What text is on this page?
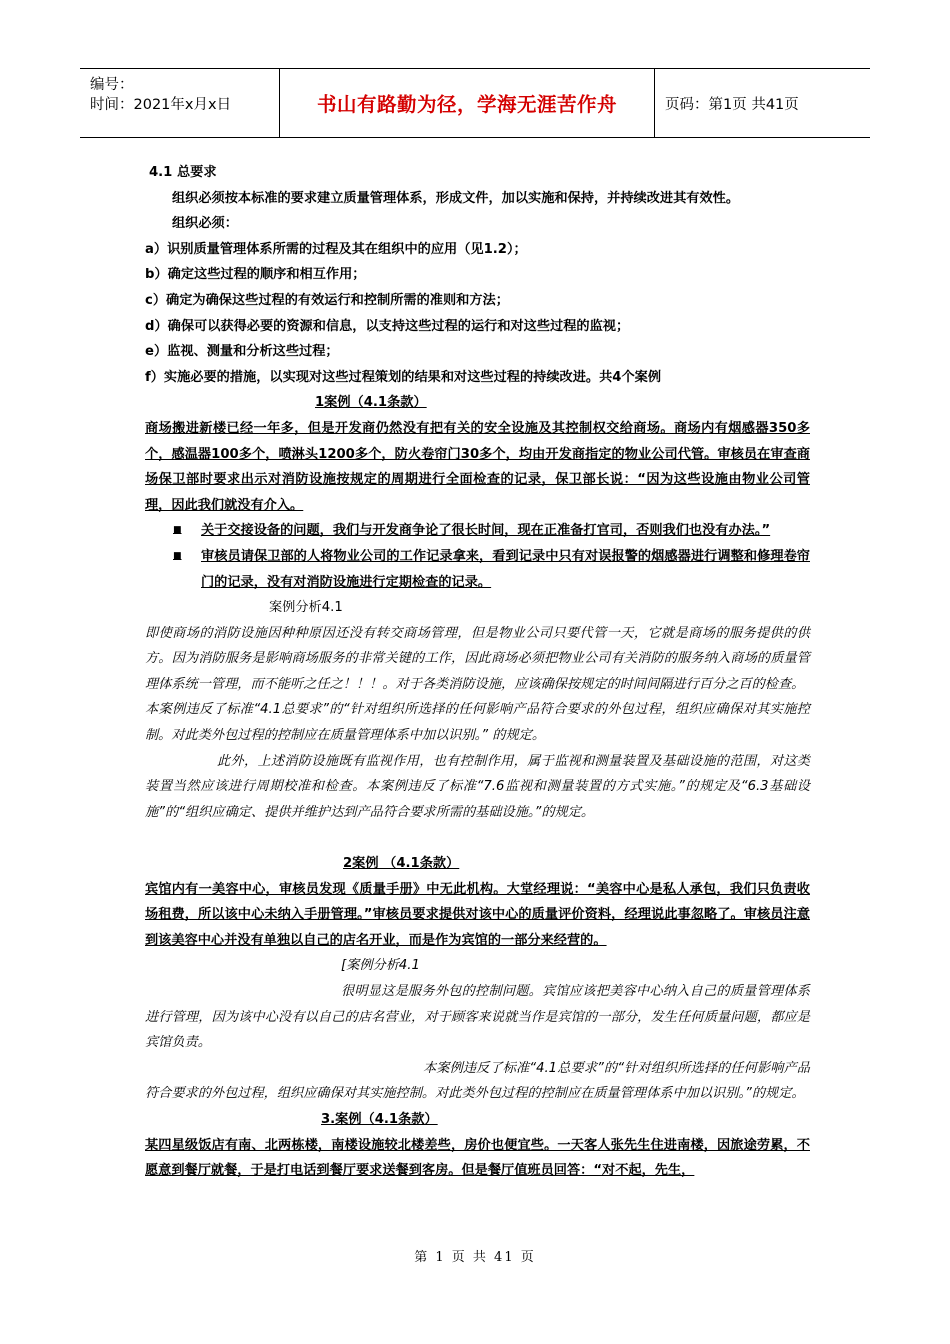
编号：
时间：2021年x月x日	书山有路勤为径，学海无涯苦作舟	页码：第1页 共41页
4.1 总要求
组织必须按本标准的要求建立质量管理体系，形成文件，加以实施和保持，并持续改进其有效性。
组织必须：
a）识别质量管理体系所需的过程及其在组织中的应用（见1.2）；
b）确定这些过程的顺序和相互作用；
c）确定为确保这些过程的有效运行和控制所需的准则和方法；
d）确保可以获得必要的资源和信息，以支持这些过程的运行和对这些过程的监视；
e）监视、测量和分析这些过程；
f）实施必要的措施，以实现对这些过程策划的结果和对这些过程的持续改进。共4个案例
1案例（4.1条款）
商场搬进新楼已经一年多，但是开发商仍然没有把有关的安全设施及其控制权交给商场。商场内有烟感器350多个，感温器100多个，喷淋头1200多个，防火卷帘门30多个，均由开发商指定的物业公司代管。审核员在审查商场保卫部时要求出示对消防设施按规定的周期进行全面检查的记录，保卫部长说：“因为这些设施由物业公司管理，因此我们就没有介入。
■	关于交接设备的问题，我们与开发商争论了很长时间，现在正准备打官司，否则我们也没有办法。”
■	审核员请保卫部的人将物业公司的工作记录拿来，看到记录中只有对误报警的烟感器进行调整和修理卷帘门的记录，没有对消防设施进行定期检查的记录。
案例分析4.1
即使商场的消防设施因种种原因还没有转交商场管理，但是物业公司只要代管一天，它就是商场的服务提供的供方。因为消防服务是影响商场服务的非常关键的工作，因此商场必须把物业公司有关消防的服务纳入商场的质量管理体系统一管理，而不能听之任之！！！。对于各类消防设施，应该确保按规定的时间间隔进行百分之百的检查。
本案例违反了标准“4.1总要求”的“针对组织所选择的任何影响产品符合要求的外包过程，组织应确保对其实施控制。对此类外包过程的控制应在质量管理体系中加以识别。” 的规定。
此外，上述消防设施既有监视作用，也有控制作用，属于监视和测量装置及基础设施的范围，对这类装置当然应该进行周期校准和检查。本案例违反了标准“7.6监视和测量装置的方式实施。”的规定及“6.3基础设施”的“组织应确定、提供并维护达到产品符合要求所需的基础设施。”的规定。
2案例 （4.1条款）
宾馆内有一美容中心，审核员发现《质量手册》中无此机构。大堂经理说：“美容中心是私人承包，我们只负责收场租费，所以该中心未纳入手册管理。”审核员要求提供对该中心的质量评价资料，经理说此事忽略了。审核员注意到该美容中心并没有单独以自己的店名开业，而是作为宾馆的一部分来经营的。
[案例分析4.1
很明显这是服务外包的控制问题。宾馆应该把美容中心纳入自己的质量管理体系进行管理，因为该中心没有以自己的店名营业，对于顾客来说就当作是宾馆的一部分，发生任何质量问题，都应是宾馆负责。
本案例违反了标准“4.1总要求”的“针对组织所选择的任何影响产品符合要求的外包过程，组织应确保对其实施控制。对此类外包过程的控制应在质量管理体系中加以识别。”的规定。
3.案例（4.1条款）
某四星级饭店有南、北两栋楼，南楼设施较北楼差些，房价也便宜些。一天客人张先生住进南楼，因旅途劳累，不愿意到餐厅就餐，于是打电话到餐厅要求送餐到客房。但是餐厅值班员回答：“对不起，先生，
第 1 页 共 41 页
